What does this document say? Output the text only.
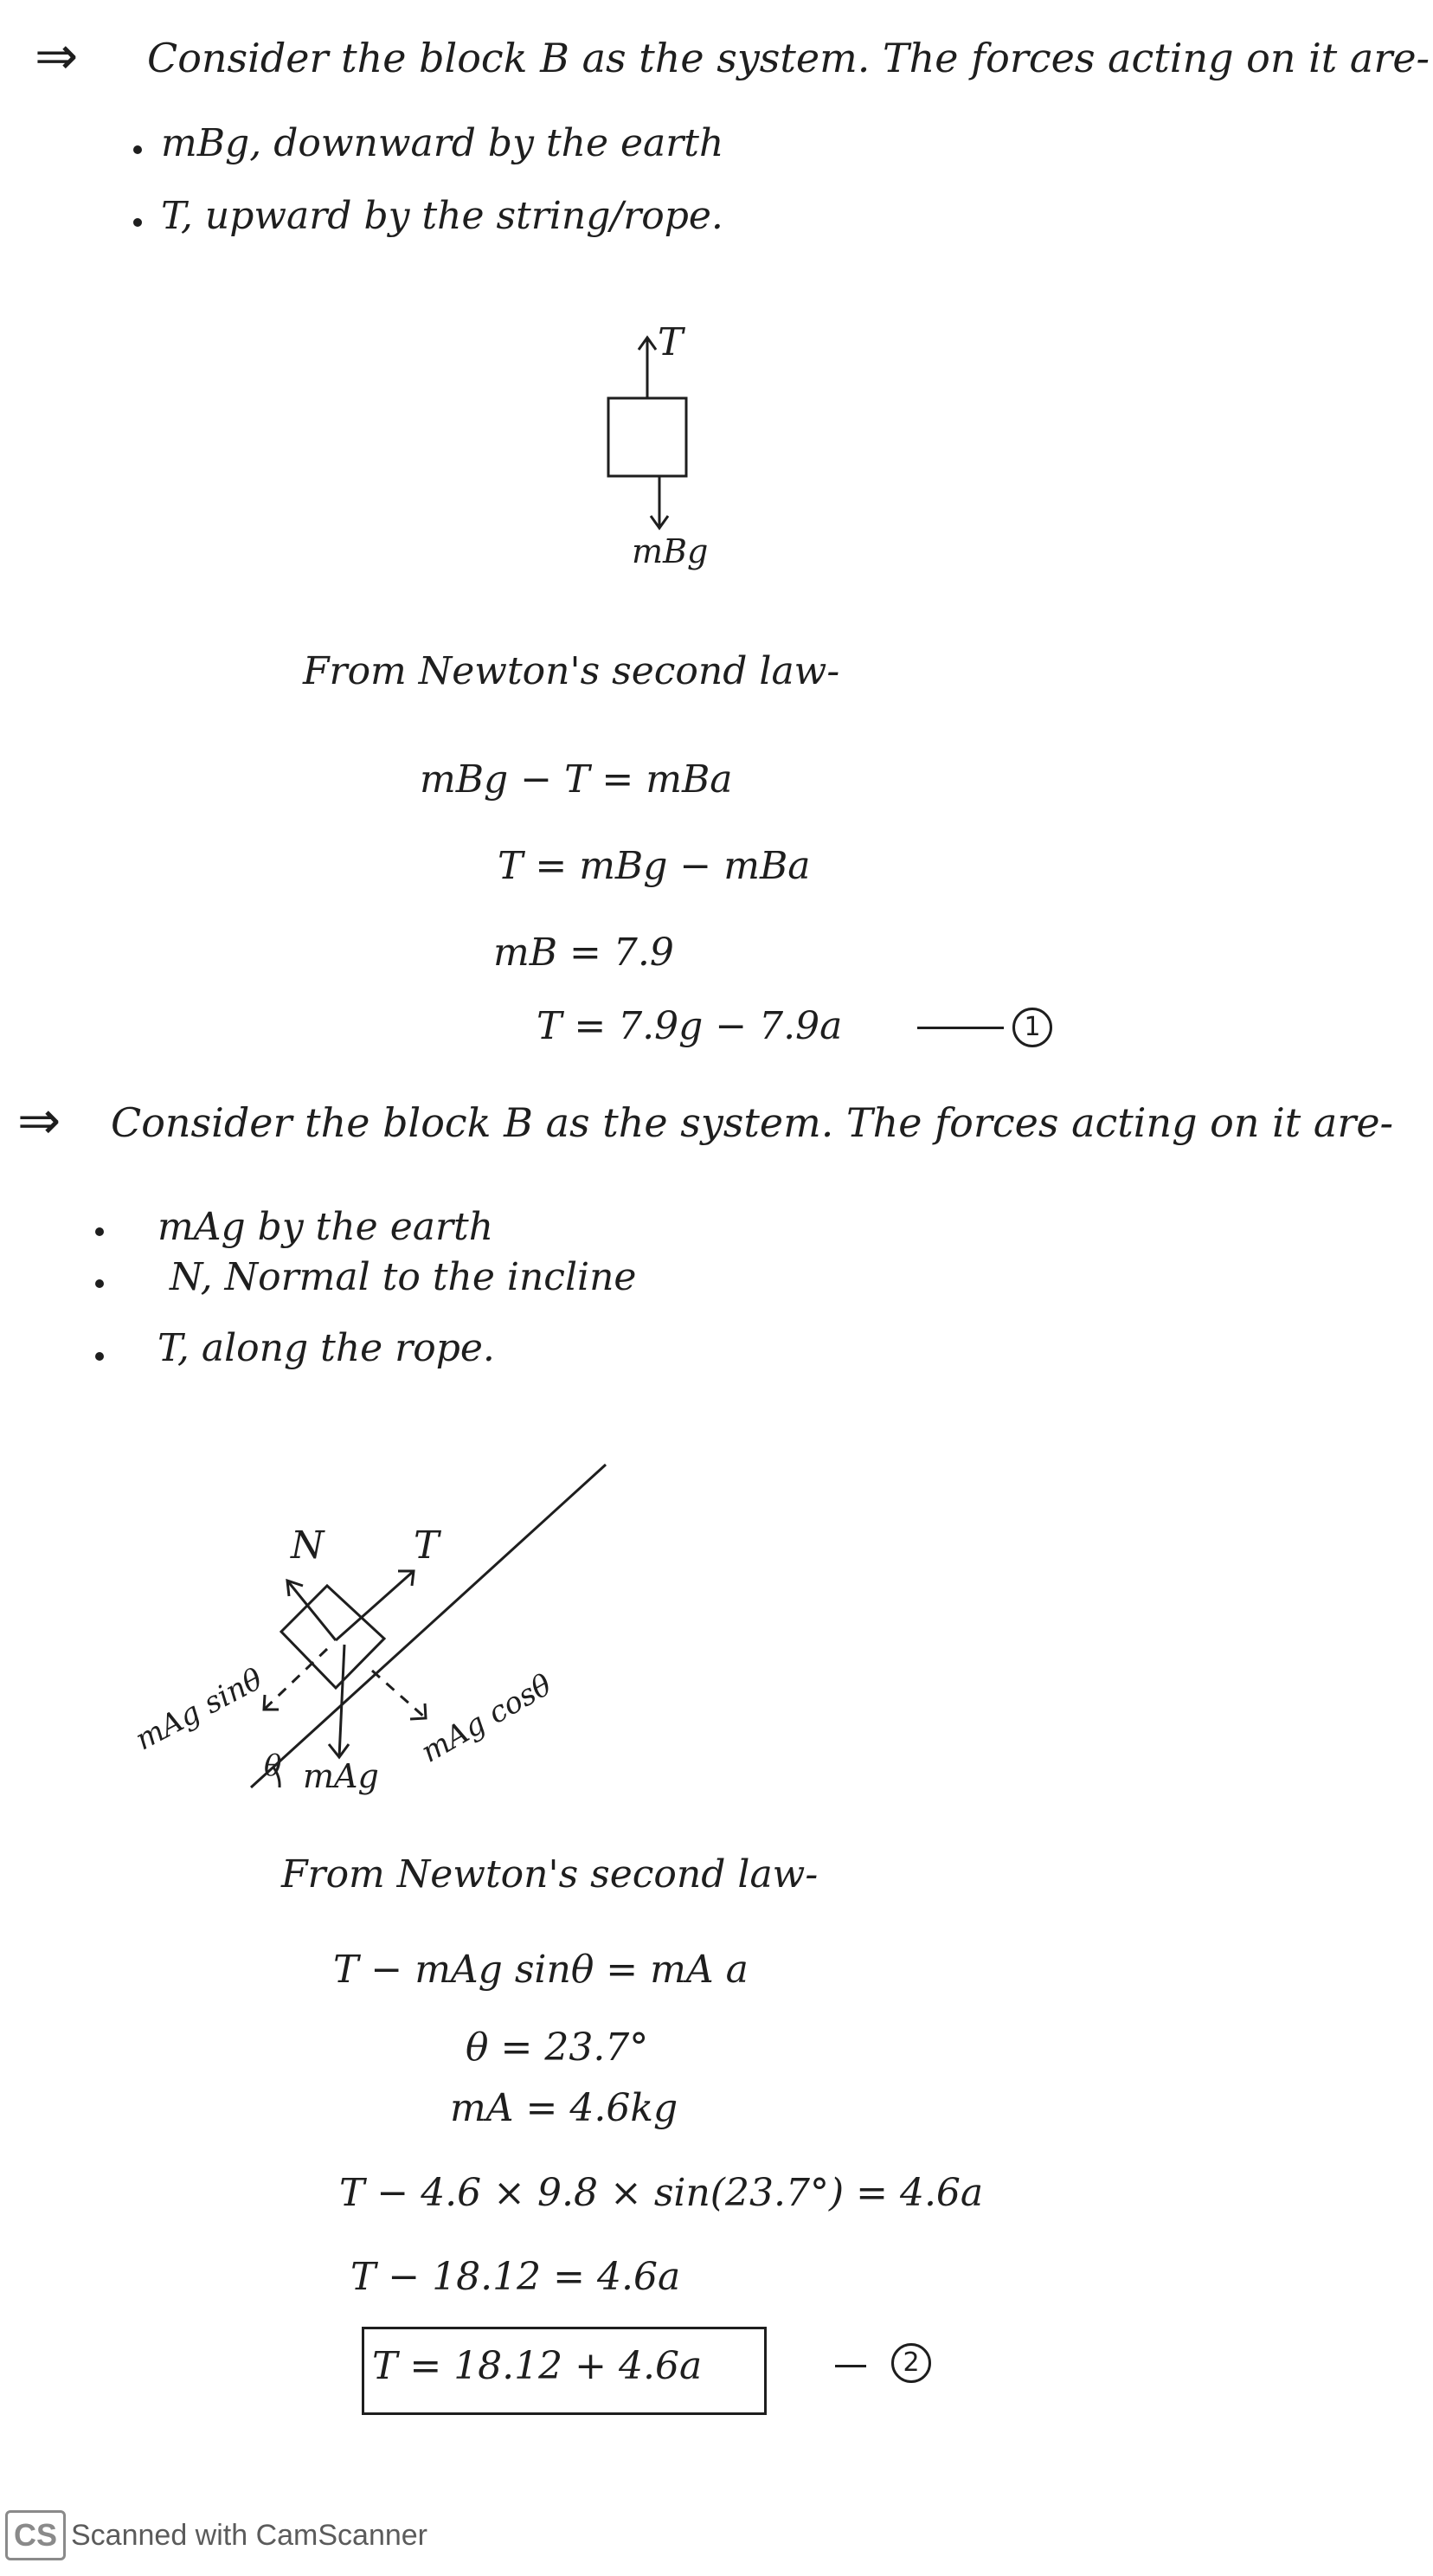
⇒ Consider the block B as the system. The forces acting on it are-
mBg, downward by the earth
T, upward by the string/rope.
T
mBg
From Newton's second law-
mBg − T = mBa
T = mBg − mBa
mB = 7.9
T = 7.9g − 7.9a	1
⇒ Consider the block B as the system. The forces acting on it are-
mAg by the earth
N, Normal to the incline
T, along the rope.
N T
mAg
θ
mAg sinθ	mAg cosθ
From Newton's second law-
T − mAg sinθ = mA a
θ = 23.7°
mA = 4.6kg
T − 4.6 × 9.8 × sin(23.7°) = 4.6a
T − 18.12 = 4.6a
T = 18.12 + 4.6a	2
CS Scanned with CamScanner
